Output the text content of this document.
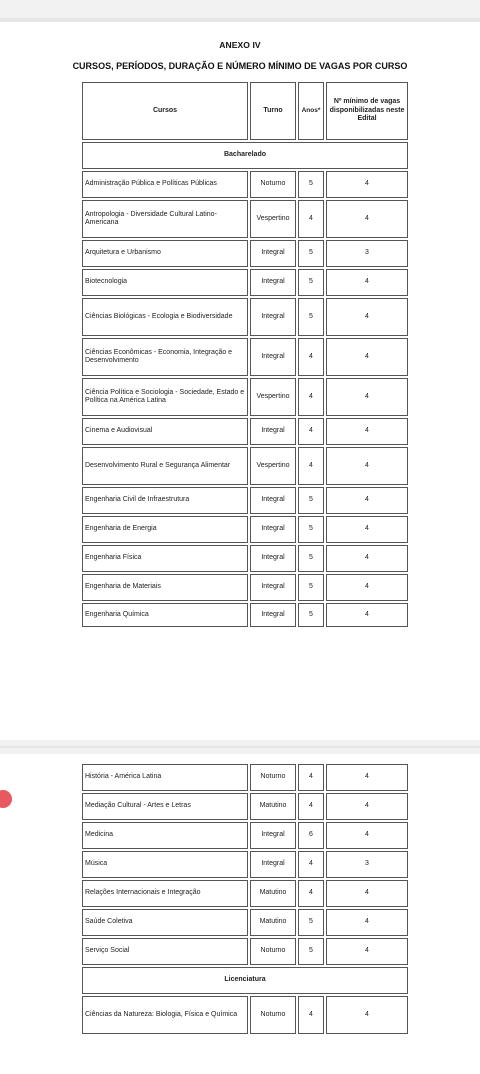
ANEXO IV
CURSOS, PERÍODOS, DURAÇÃO E NÚMERO MÍNIMO DE VAGAS POR CURSO
Cursos	Turno	Anos*	Nº mínimo de vagas disponibilizadas neste Edital
Bacharelado			
Administração Pública e Políticas Públicas	Noturno	5	4
Antropologia - Diversidade Cultural Latino-Americana	Vespertino	4	4
Arquitetura e Urbanismo	Integral	5	3
Biotecnologia	Integral	5	4
Ciências Biológicas - Ecologia e Biodiversidade	Integral	5	4
Ciências Econômicas - Economia, Integração e Desenvolvimento	Integral	4	4
Ciência Política e Sociologia - Sociedade, Estado e Política na América Latina	Vespertino	4	4
Cinema e Audiovisual	Integral	4	4
Desenvolvimento Rural e Segurança Alimentar	Vespertino	4	4
Engenharia Civil de Infraestrutura	Integral	5	4
Engenharia de Energia	Integral	5	4
Engenharia Física	Integral	5	4
Engenharia de Materiais	Integral	5	4
Engenharia Química	Integral	5	4
História - América Latina	Noturno	4	4
Mediação Cultural - Artes e Letras	Matutino	4	4
Medicina	Integral	6	4
Música	Integral	4	3
Relações Internacionais e Integração	Matutino	4	4
Saúde Coletiva	Matutino	5	4
Serviço Social	Noturno	5	4
Licenciatura			
Ciências da Natureza: Biologia, Física e Química	Noturno	4	4
